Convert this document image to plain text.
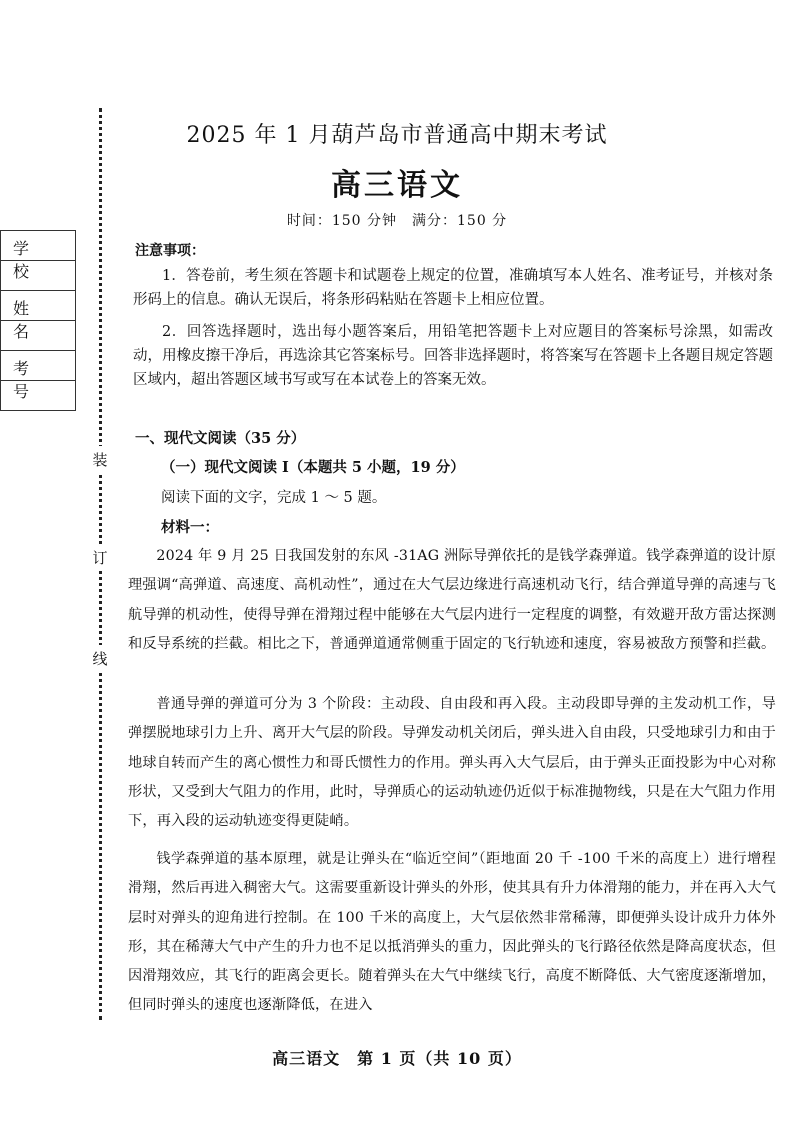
装
订
线
学 校
姓 名
考 号
2025 年 1 月葫芦岛市普通高中期末考试
高三语文
时间：150 分钟　满分：150 分
注意事项：
1．答卷前，考生须在答题卡和试题卷上规定的位置，准确填写本人姓名、准考证号，并核对条形码上的信息。确认无误后，将条形码粘贴在答题卡上相应位置。
2．回答选择题时，选出每小题答案后，用铅笔把答题卡上对应题目的答案标号涂黑，如需改动，用橡皮擦干净后，再选涂其它答案标号。回答非选择题时，将答案写在答题卡上各题目规定答题区域内，超出答题区域书写或写在本试卷上的答案无效。
一、现代文阅读（35 分）
（一）现代文阅读 I（本题共 5 小题，19 分）
阅读下面的文字，完成 1 ～ 5 题。
材料一：
2024 年 9 月 25 日我国发射的东风 -31AG 洲际导弹依托的是钱学森弹道。钱学森弹道的设计原理强调“高弹道、高速度、高机动性”，通过在大气层边缘进行高速机动飞行，结合弹道导弹的高速与飞航导弹的机动性，使得导弹在滑翔过程中能够在大气层内进行一定程度的调整，有效避开敌方雷达探测和反导系统的拦截。相比之下，普通弹道通常侧重于固定的飞行轨迹和速度，容易被敌方预警和拦截。
普通导弹的弹道可分为 3 个阶段：主动段、自由段和再入段。主动段即导弹的主发动机工作，导弹摆脱地球引力上升、离开大气层的阶段。导弹发动机关闭后，弹头进入自由段，只受地球引力和由于地球自转而产生的离心惯性力和哥氏惯性力的作用。弹头再入大气层后，由于弹头正面投影为中心对称形状，又受到大气阻力的作用，此时，导弹质心的运动轨迹仍近似于标准抛物线，只是在大气阻力作用下，再入段的运动轨迹变得更陡峭。
钱学森弹道的基本原理，就是让弹头在“临近空间”（距地面 20 千 -100 千米的高度上）进行增程滑翔，然后再进入稠密大气。这需要重新设计弹头的外形，使其具有升力体滑翔的能力，并在再入大气层时对弹头的迎角进行控制。在 100 千米的高度上，大气层依然非常稀薄，即便弹头设计成升力体外形，其在稀薄大气中产生的升力也不足以抵消弹头的重力，因此弹头的飞行路径依然是降高度状态，但因滑翔效应，其飞行的距离会更长。随着弹头在大气中继续飞行，高度不断降低、大气密度逐渐增加，但同时弹头的速度也逐渐降低，在进入
高三语文　第 1 页（共 10 页）
